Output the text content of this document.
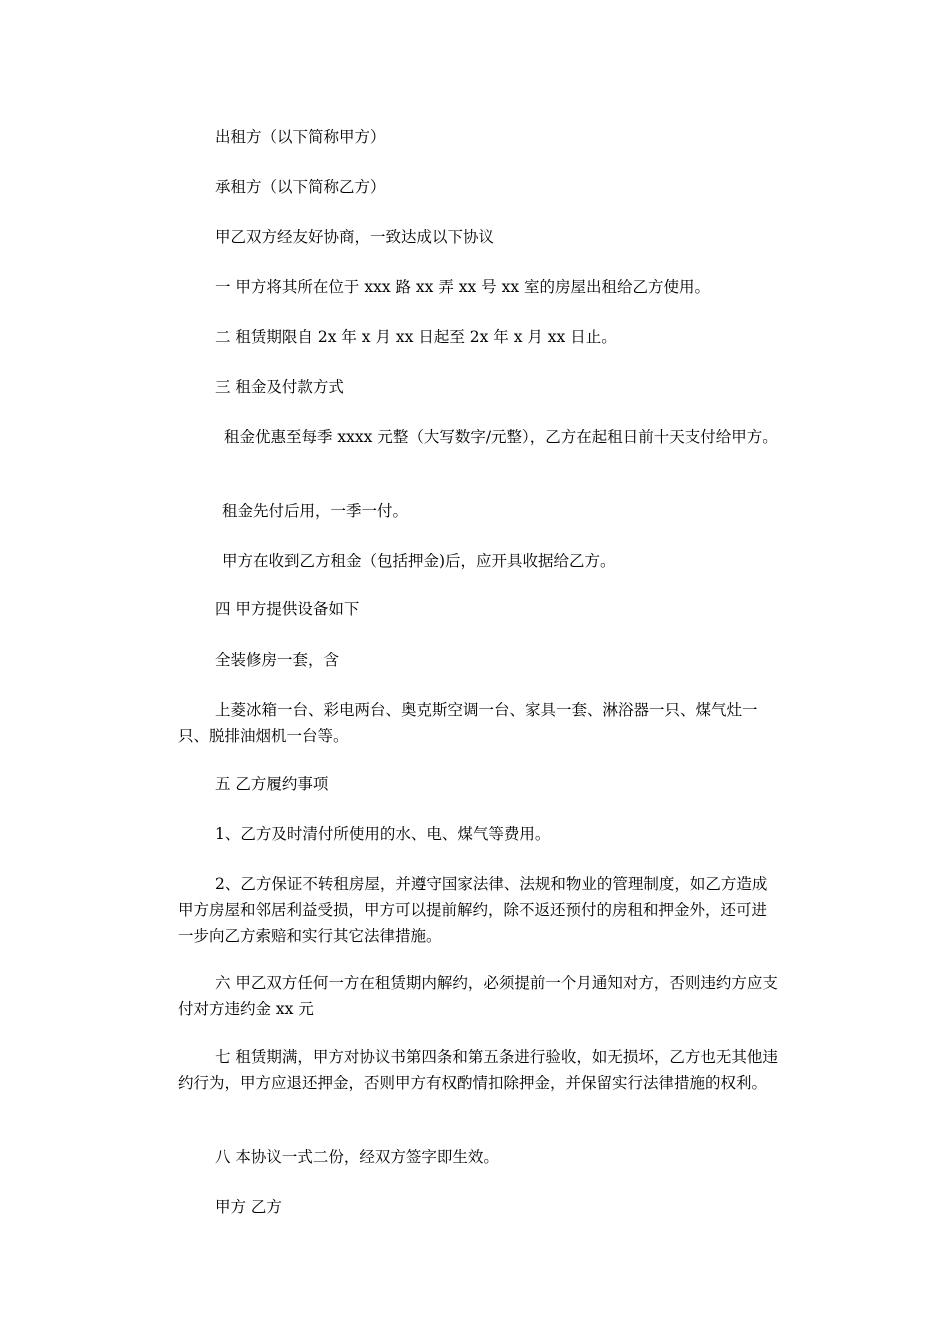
出租方（以下简称甲方）

承租方（以下简称乙方）

甲乙双方经友好协商，一致达成以下协议

一 甲方将其所在位于 xxx 路 xx 弄 xx 号 xx 室的房屋出租给乙方使用。

二 租赁期限自 2x 年 x 月 xx 日起至 2x 年 x 月 xx 日止。

三 租金及付款方式

租金优惠至每季 xxxx 元整（大写数字/元整），乙方在起租日前十天支付给甲方。

租金先付后用，一季一付。

甲方在收到乙方租金（包括押金)后，应开具收据给乙方。

四 甲方提供设备如下

全装修房一套，含

上菱冰箱一台、彩电两台、奥克斯空调一台、家具一套、淋浴器一只、煤气灶一只、脱排油烟机一台等。

五 乙方履约事项

1、乙方及时清付所使用的水、电、煤气等费用。

2、乙方保证不转租房屋，并遵守国家法律、法规和物业的管理制度，如乙方造成甲方房屋和邻居利益受损，甲方可以提前解约，除不返还预付的房租和押金外，还可进一步向乙方索赔和实行其它法律措施。

六 甲乙双方任何一方在租赁期内解约，必须提前一个月通知对方，否则违约方应支付对方违约金 xx 元

七 租赁期满，甲方对协议书第四条和第五条进行验收，如无损坏，乙方也无其他违约行为，甲方应退还押金，否则甲方有权酌情扣除押金，并保留实行法律措施的权利。

八 本协议一式二份，经双方签字即生效。

甲方 乙方
